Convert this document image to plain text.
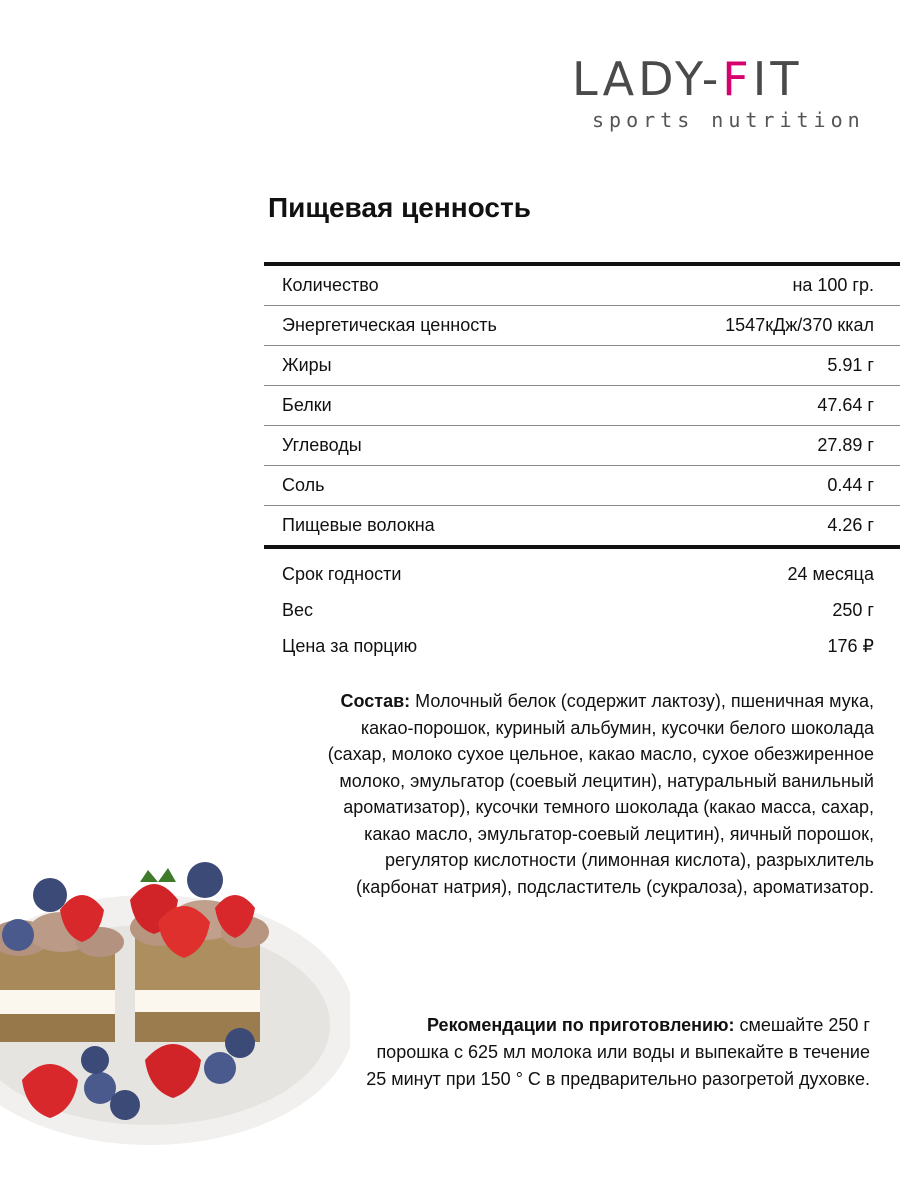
LADY-FIT
sports nutrition
Пищевая ценность
Количество	на 100 гр.
Энергетическая ценность	1547кДж/370 ккал
Жиры	5.91 г
Белки	47.64 г
Углеводы	27.89 г
Соль	0.44 г
Пищевые волокна	4.26 г
Срок годности	24 месяца
Вес	250 г
Цена за порцию	176 ₽

Состав: Молочный белок (содержит лактозу), пшеничная мука, какао-порошок, куриный альбумин, кусочки белого шоколада (сахар, молоко сухое цельное, какао масло, сухое обезжиренное молоко, эмульгатор (соевый лецитин), натуральный ванильный ароматизатор), кусочки темного шоколада (какао масса, сахар, какао масло, эмульгатор-соевый лецитин), яичный порошок, регулятор кислотности (лимонная кислота), разрыхлитель (карбонат натрия), подсластитель (сукралоза), ароматизатор.

Рекомендации по приготовлению: смешайте 250 г порошка с 625 мл молока или воды и выпекайте в течение 25 минут при 150 ° С в предварительно разогретой духовке.
